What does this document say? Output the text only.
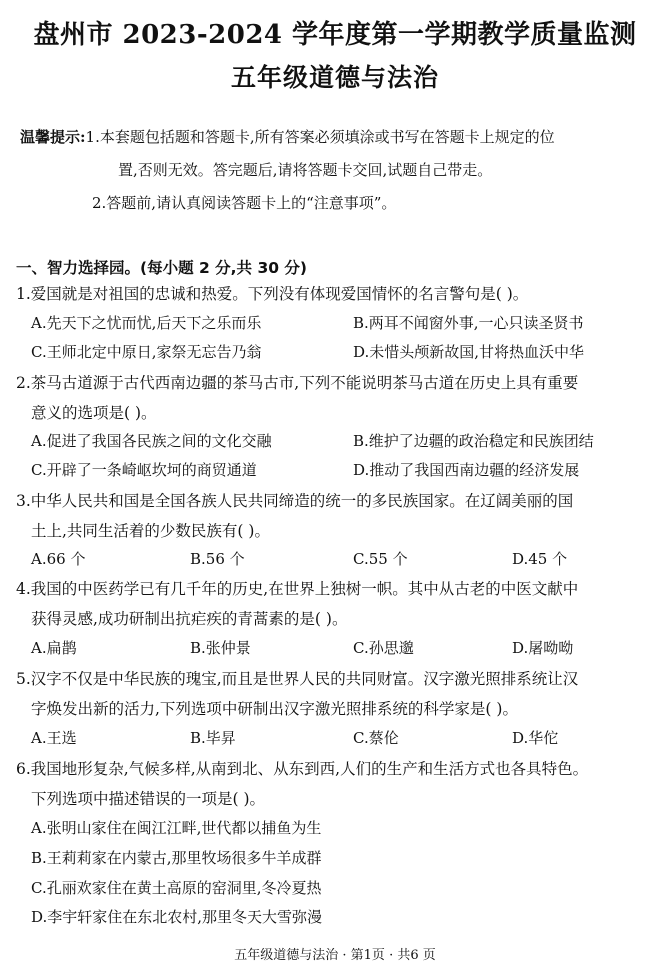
盘州市 2023-2024 学年度第一学期教学质量监测
五年级道德与法治
温馨提示:1.本套题包括题和答题卡,所有答案必须填涂或书写在答题卡上规定的位
置,否则无效。答完题后,请将答题卡交回,试题自己带走。
2.答题前,请认真阅读答题卡上的“注意事项”。
一、智力选择园。(每小题 2 分,共 30 分)
1.爱国就是对祖国的忠诚和热爱。下列没有体现爱国情怀的名言警句是( )。
A.先天下之忧而忧,后天下之乐而乐	B.两耳不闻窗外事,一心只读圣贤书
C.王师北定中原日,家祭无忘告乃翁	D.未惜头颅新故国,甘将热血沃中华
2.茶马古道源于古代西南边疆的茶马古市,下列不能说明茶马古道在历史上具有重要
意义的选项是( )。
A.促进了我国各民族之间的文化交融	B.维护了边疆的政治稳定和民族团结
C.开辟了一条崎岖坎坷的商贸通道	D.推动了我国西南边疆的经济发展
3.中华人民共和国是全国各族人民共同缔造的统一的多民族国家。在辽阔美丽的国
土上,共同生活着的少数民族有( )。
A.66 个	B.56 个	C.55 个	D.45 个
4.我国的中医药学已有几千年的历史,在世界上独树一帜。其中从古老的中医文献中
获得灵感,成功研制出抗疟疾的青蒿素的是( )。
A.扁鹊	B.张仲景	C.孙思邈	D.屠呦呦
5.汉字不仅是中华民族的瑰宝,而且是世界人民的共同财富。汉字激光照排系统让汉
字焕发出新的活力,下列选项中研制出汉字激光照排系统的科学家是( )。
A.王选	B.毕昇	C.蔡伦	D.华佗
6.我国地形复杂,气候多样,从南到北、从东到西,人们的生产和生活方式也各具特色。
下列选项中描述错误的一项是( )。
A.张明山家住在闽江江畔,世代都以捕鱼为生
B.王莉莉家在内蒙古,那里牧场很多牛羊成群
C.孔丽欢家住在黄土高原的窑洞里,冬冷夏热
D.李宇轩家住在东北农村,那里冬天大雪弥漫
五年级道德与法治 · 第1页 · 共6 页
